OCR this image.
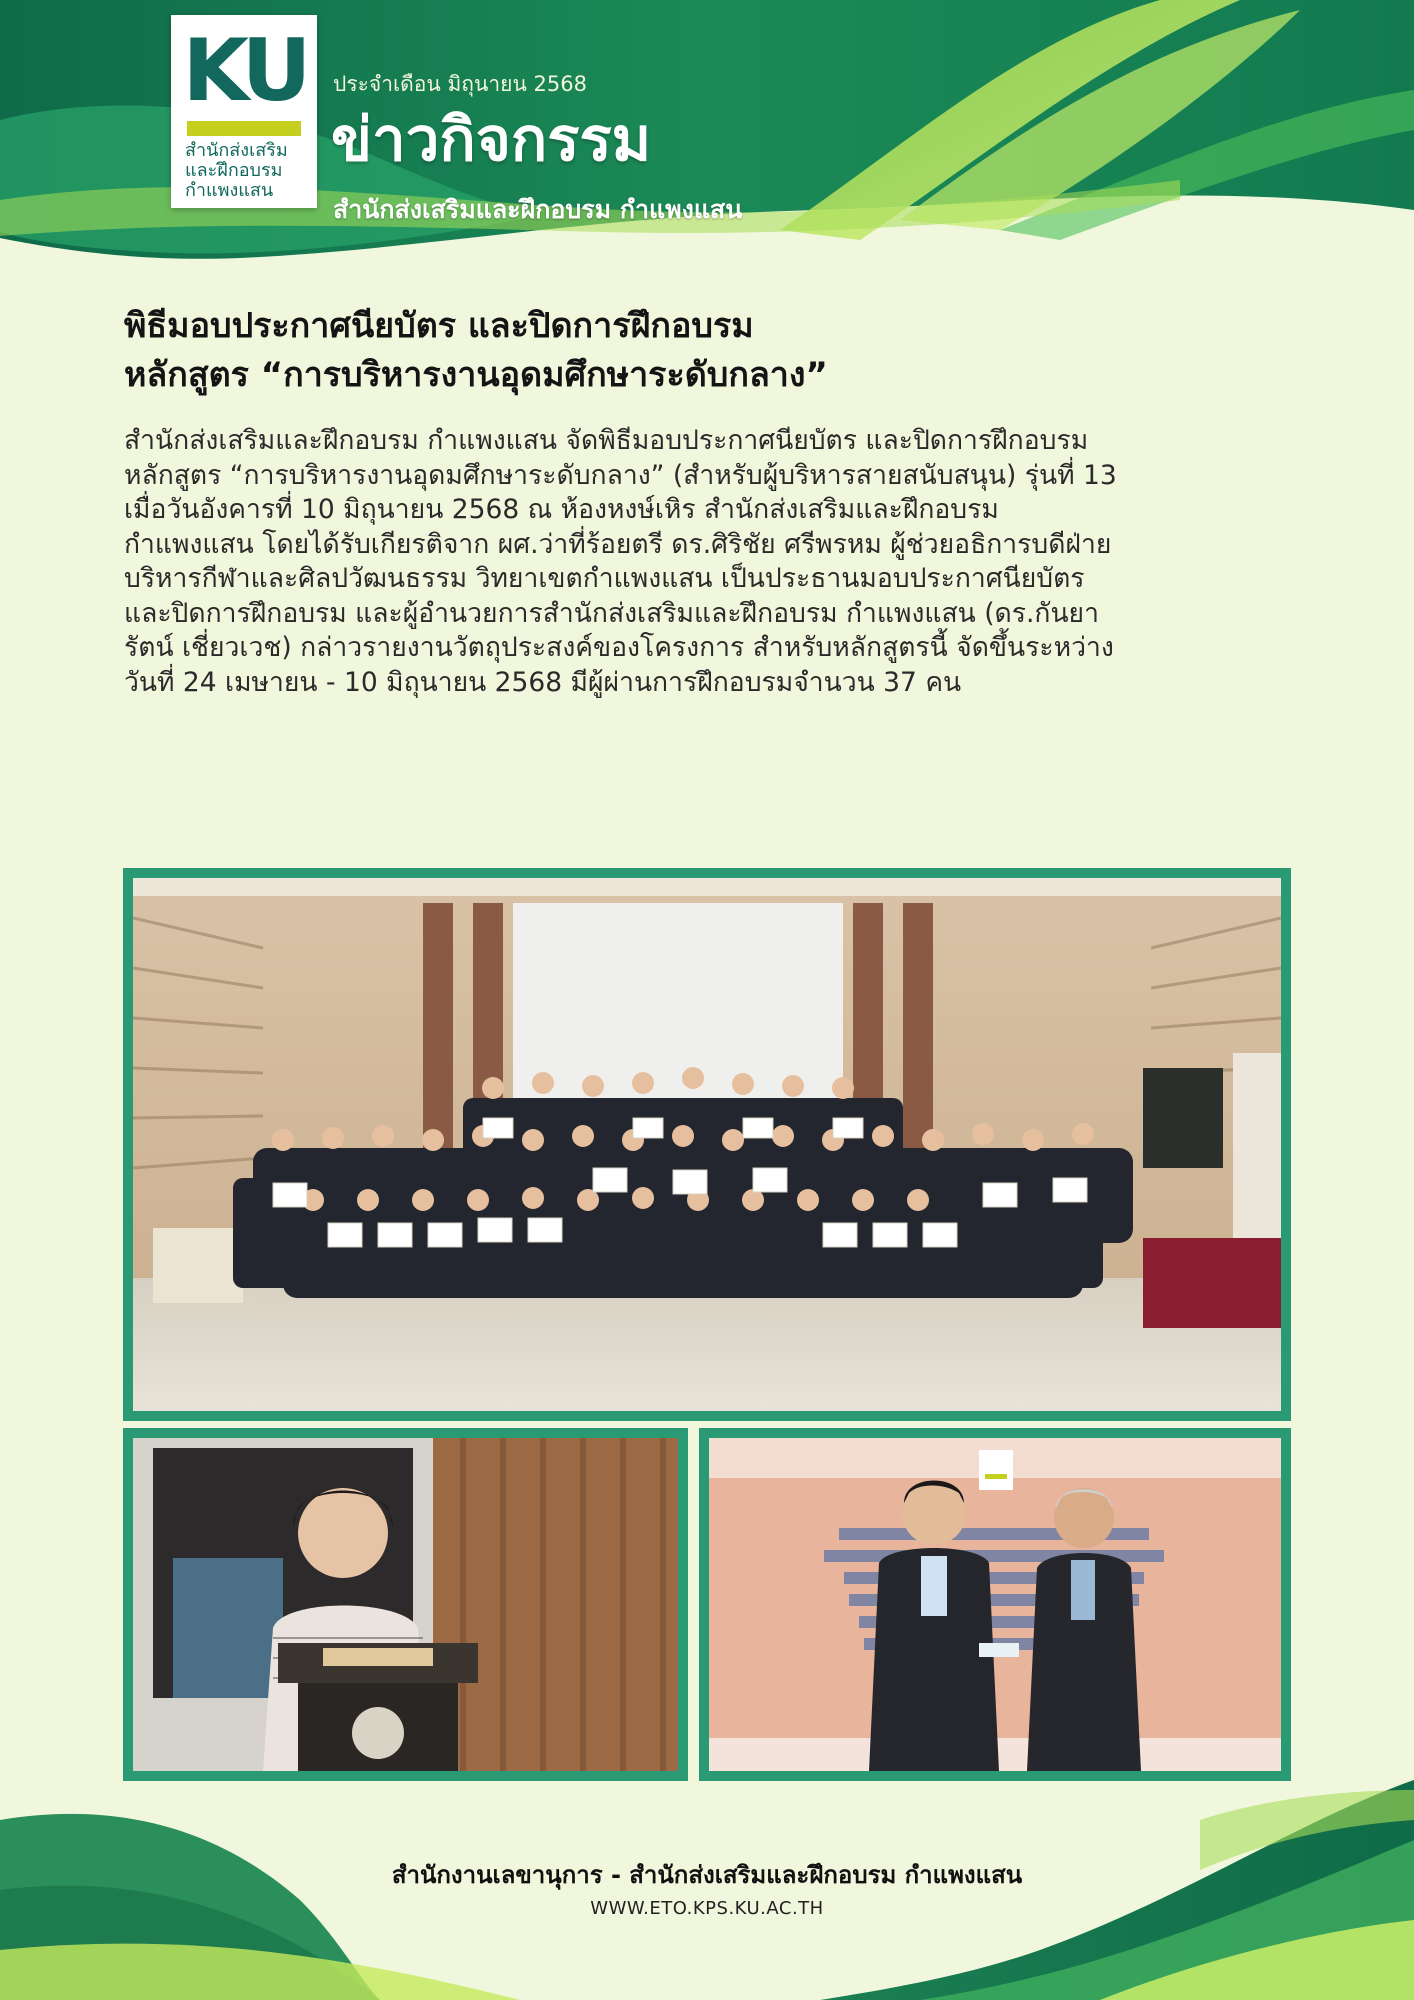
KU
สำนักส่งเสริม
และฝึกอบรม
กำแพงแสน
ประจำเดือน มิถุนายน 2568
ข่าวกิจกรรม
สำนักส่งเสริมและฝึกอบรม กำแพงแสน
พิธีมอบประกาศนียบัตร และปิดการฝึกอบรม
หลักสูตร “การบริหารงานอุดมศึกษาระดับกลาง”
สำนักส่งเสริมและฝึกอบรม กำแพงแสน จัดพิธีมอบประกาศนียบัตร และปิดการฝึกอบรม
หลักสูตร “การบริหารงานอุดมศึกษาระดับกลาง” (สำหรับผู้บริหารสายสนับสนุน) รุ่นที่ 13
เมื่อวันอังคารที่ 10 มิถุนายน 2568 ณ ห้องหงษ์เหิร สำนักส่งเสริมและฝึกอบรม
กำแพงแสน โดยได้รับเกียรติจาก ผศ.ว่าที่ร้อยตรี ดร.ศิริชัย ศรีพรหม ผู้ช่วยอธิการบดีฝ่าย
บริหารกีฬาและศิลปวัฒนธรรม วิทยาเขตกำแพงแสน เป็นประธานมอบประกาศนียบัตร
และปิดการฝึกอบรม และผู้อำนวยการสำนักส่งเสริมและฝึกอบรม กำแพงแสน (ดร.กันยา
รัตน์ เชี่ยวเวช) กล่าวรายงานวัตถุประสงค์ของโครงการ สำหรับหลักสูตรนี้ จัดขึ้นระหว่าง
วันที่ 24 เมษายน - 10 มิถุนายน 2568 มีผู้ผ่านการฝึกอบรมจำนวน 37 คน
สำนักงานเลขานุการ - สำนักส่งเสริมและฝึกอบรม กำแพงแสน
WWW.ETO.KPS.KU.AC.TH
